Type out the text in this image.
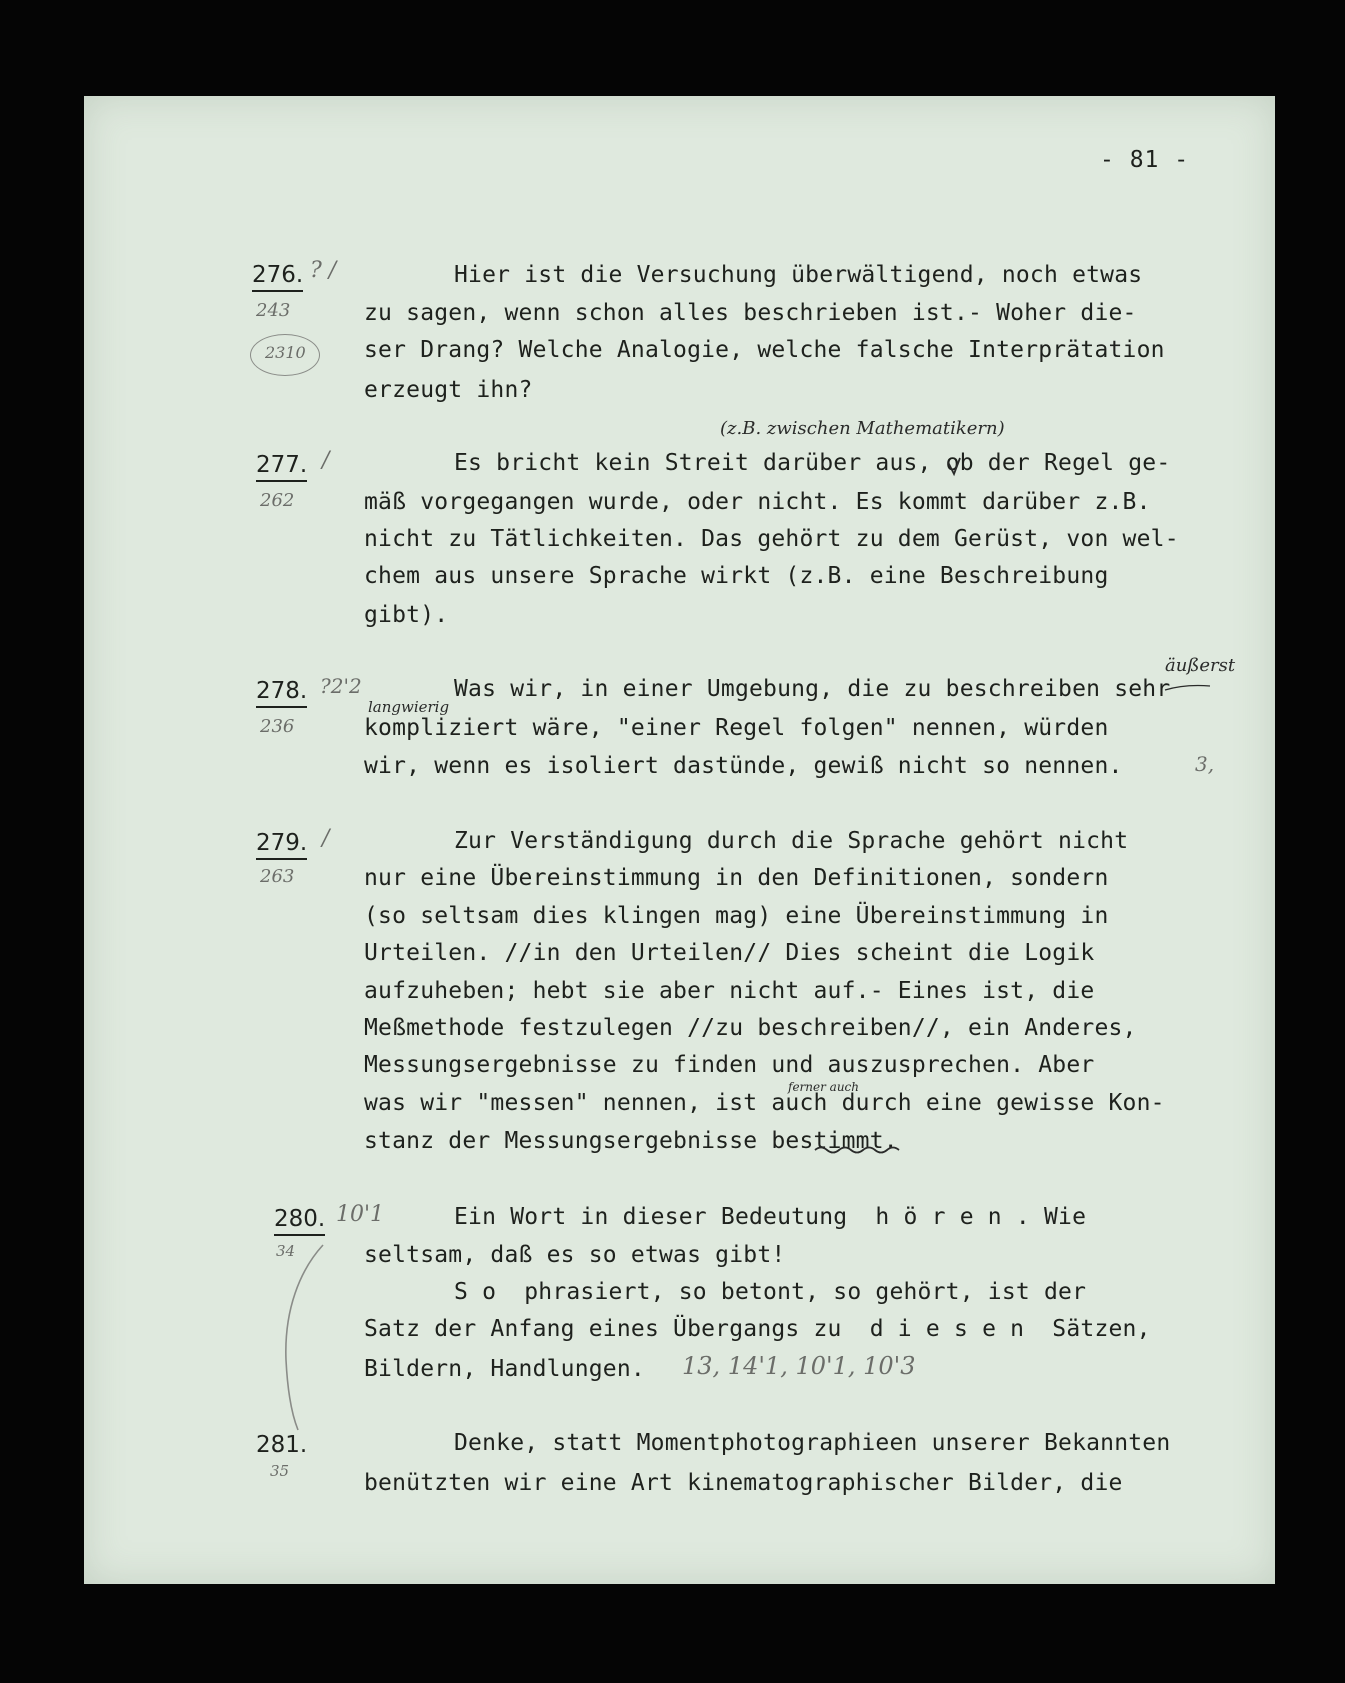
- 81 -
276. ? /
243
2310
Hier ist die Versuchung überwältigend, noch etwas
zu sagen, wenn schon alles beschrieben ist.- Woher die-
ser Drang? Welche Analogie, welche falsche Interprätation
erzeugt ihn?
(z.B. zwischen Mathematikern)
277. /
262
Es bricht kein Streit darüber aus, ob der Regel ge-
mäß vorgegangen wurde, oder nicht. Es kommt darüber z.B.
nicht zu Tätlichkeiten. Das gehört zu dem Gerüst, von wel-
chem aus unsere Sprache wirkt (z.B. eine Beschreibung
gibt).
äußerst
278. ?2'2
236
langwierig
Was wir, in einer Umgebung, die zu beschreiben sehr
kompliziert wäre, "einer Regel folgen" nennen, würden
wir, wenn es isoliert dastünde, gewiß nicht so nennen.	3,
279. /
263
Zur Verständigung durch die Sprache gehört nicht
nur eine Übereinstimmung in den Definitionen, sondern
(so seltsam dies klingen mag) eine Übereinstimmung in
Urteilen. //in den Urteilen// Dies scheint die Logik
aufzuheben; hebt sie aber nicht auf.- Eines ist, die
Meßmethode festzulegen //zu beschreiben//, ein Anderes,
Messungsergebnisse zu finden und auszusprechen. Aber
ferner auch
was wir "messen" nennen, ist auch durch eine gewisse Kon-
stanz der Messungsergebnisse bestimmt.
280. 10'1
34
Ein Wort in dieser Bedeutung  h ö r e n . Wie
seltsam, daß es so etwas gibt!
S o  phrasiert, so betont, so gehört, ist der
Satz der Anfang eines Übergangs zu  d i e s e n  Sätzen,
Bildern, Handlungen. 13, 14'1, 10'1, 10'3
281.
35
Denke, statt Momentphotographieen unserer Bekannten
benützten wir eine Art kinematographischer Bilder, die
